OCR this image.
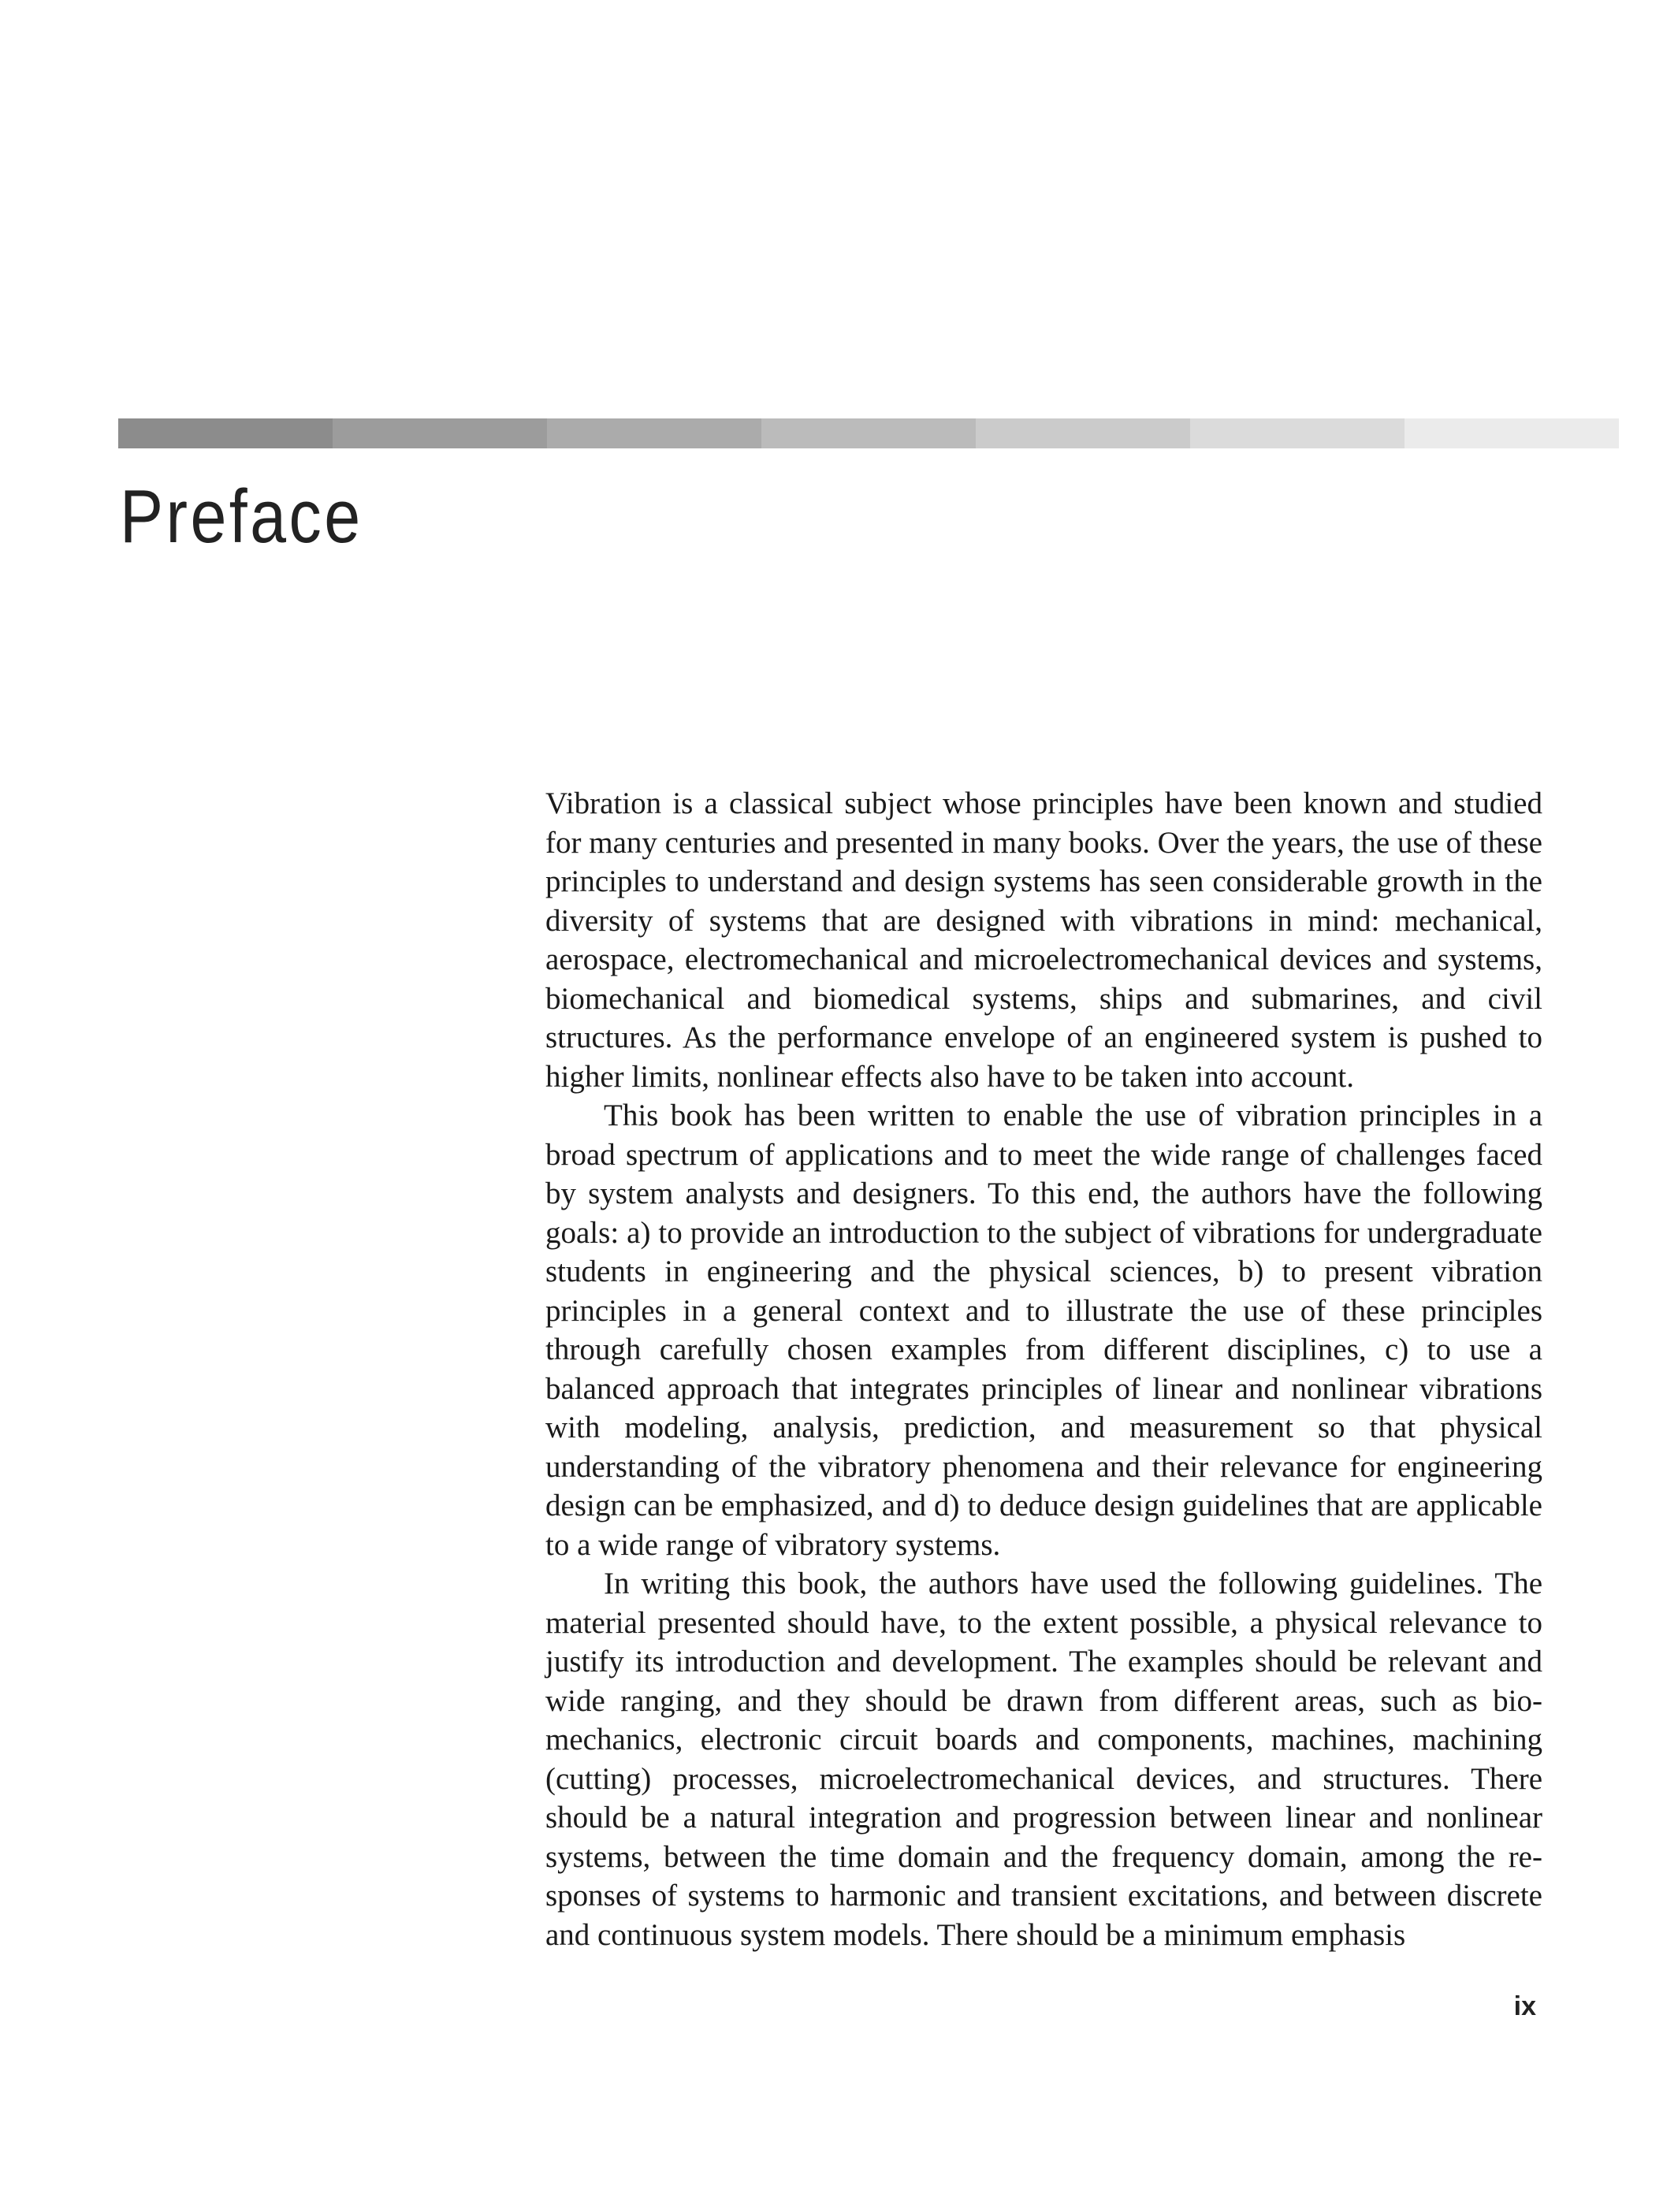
Preface

Vibration is a classical subject whose principles have been known and studied for many centuries and presented in many books. Over the years, the use of these principles to understand and design systems has seen considerable growth in the diversity of systems that are designed with vibrations in mind: mechanical, aerospace, electromechanical and microelectromechanical devices and systems, biomechanical and biomedical systems, ships and submarines, and civil structures. As the performance envelope of an engineered system is pushed to higher limits, nonlinear effects also have to be taken into account.

This book has been written to enable the use of vibration principles in a broad spectrum of applications and to meet the wide range of challenges faced by system analysts and designers. To this end, the authors have the following goals: a) to provide an introduction to the subject of vibrations for undergraduate students in engineering and the physical sciences, b) to present vibration principles in a general context and to illustrate the use of these principles through carefully chosen examples from different disciplines, c) to use a balanced approach that integrates principles of linear and nonlinear vibrations with modeling, analysis, prediction, and measurement so that physical understanding of the vibratory phenomena and their relevance for engineering design can be emphasized, and d) to deduce design guidelines that are applicable to a wide range of vibratory systems.

In writing this book, the authors have used the following guidelines. The material presented should have, to the extent possible, a physical relevance to justify its introduction and development. The examples should be relevant and wide ranging, and they should be drawn from different areas, such as biomechanics, electronic circuit boards and components, machines, machining (cutting) processes, microelectromechanical devices, and structures. There should be a natural integration and progression between linear and nonlinear systems, between the time domain and the frequency domain, among the responses of systems to harmonic and transient excitations, and between discrete and continuous system models. There should be a minimum emphasis

ix
